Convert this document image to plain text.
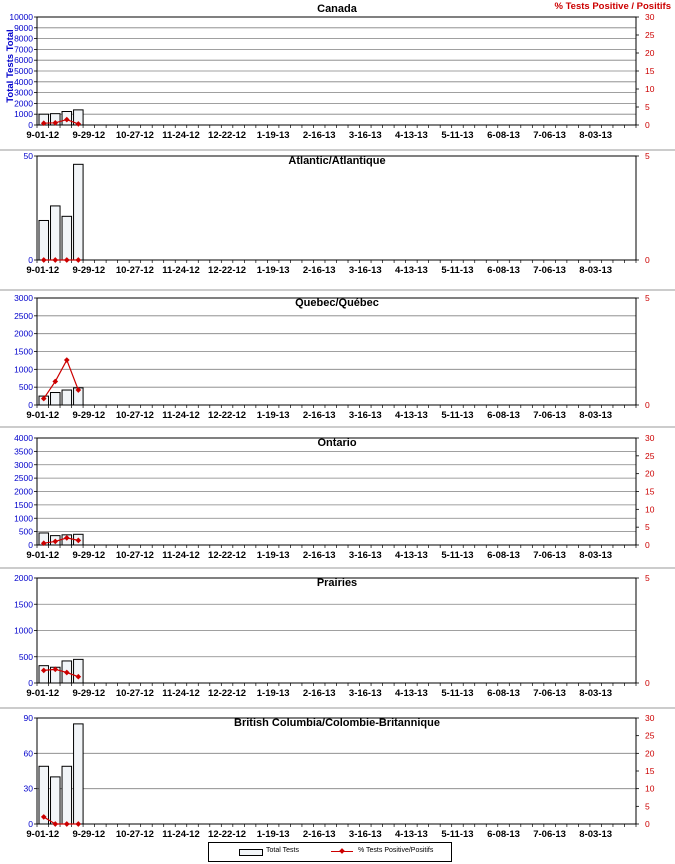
0
1000
2000
3000
4000
5000
6000
7000
8000
9000
10000
0
5
10
15
20
25
30
9-01-12 9-29-12 10-27-12 11-24-12 12-22-12 1-19-13 2-16-13 3-16-13 4-13-13 5-11-13 6-08-13 7-06-13 8-03-13
Canada
0
50
0
5
9-01-12 9-29-12 10-27-12 11-24-12 12-22-12 1-19-13 2-16-13 3-16-13 4-13-13 5-11-13 6-08-13 7-06-13 8-03-13
Atlantic/Atlantique
0
500
1000
1500
2000
2500
3000
0
5
9-01-12 9-29-12 10-27-12 11-24-12 12-22-12 1-19-13 2-16-13 3-16-13 4-13-13 5-11-13 6-08-13 7-06-13 8-03-13
Quebec/Québec
0
500
1000
1500
2000
2500
3000
3500
4000
0
5
10
15
20
25
30
9-01-12 9-29-12 10-27-12 11-24-12 12-22-12 1-19-13 2-16-13 3-16-13 4-13-13 5-11-13 6-08-13 7-06-13 8-03-13
Ontario
0
500
1000
1500
2000
0
5
9-01-12 9-29-12 10-27-12 11-24-12 12-22-12 1-19-13 2-16-13 3-16-13 4-13-13 5-11-13 6-08-13 7-06-13 8-03-13
Prairies
0
30
60
90
0
5
10
15
20
25
30
9-01-12 9-29-12 10-27-12 11-24-12 12-22-12 1-19-13 2-16-13 3-16-13 4-13-13 5-11-13 6-08-13 7-06-13 8-03-13
British Columbia/Colombie-Britannique
Total Tests Total
% Tests Positive / Positifs
Total Tests	% Tests Positive/Positifs
